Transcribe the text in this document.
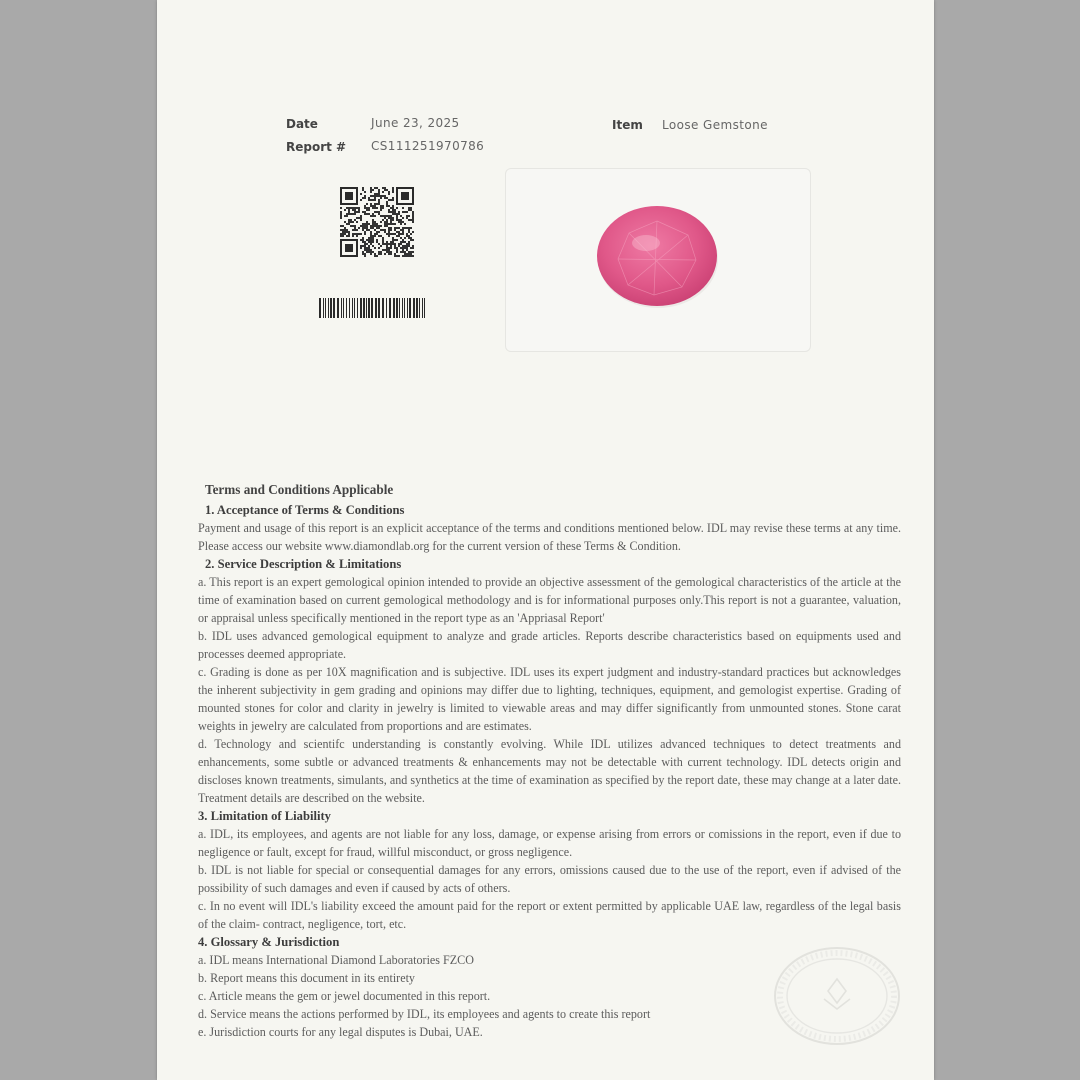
Date	June 23, 2025
Report # CS111251970786
Item Loose Gemstone

Terms and Conditions Applicable

1. Acceptance of Terms & Conditions

Payment and usage of this report is an explicit acceptance of the terms and conditions mentioned below. IDL may revise these terms at any time. Please access our website www.diamondlab.org for the current version of these Terms & Condition.

2. Service Description & Limitations

a. This report is an expert gemological opinion intended to provide an objective assessment of the gemological characteristics of the article at the time of examination based on current gemological methodology and is for informational purposes only.This report is not a guarantee, valuation, or appraisal unless specifically mentioned in the report type as an 'Appriasal Report'

b. IDL uses advanced gemological equipment to analyze and grade articles. Reports describe characteristics based on equipments used and processes deemed appropriate.

c. Grading is done as per 10X magnification and is subjective. IDL uses its expert judgment and industry-standard practices but acknowledges the inherent subjectivity in gem grading and opinions may differ due to lighting, techniques, equipment, and gemologist expertise. Grading of mounted stones for color and clarity in jewelry is limited to viewable areas and may differ significantly from unmounted stones. Stone carat weights in jewelry are calculated from proportions and are estimates.

d. Technology and scientifc understanding is constantly evolving. While IDL utilizes advanced techniques to detect treatments and enhancements, some subtle or advanced treatments & enhancements may not be detectable with current technology. IDL detects origin and discloses known treatments, simulants, and synthetics at the time of examination as specified by the report date, these may change at a later date. Treatment details are described on the website.

3. Limitation of Liability

a. IDL, its employees, and agents are not liable for any loss, damage, or expense arising from errors or comissions in the report, even if due to negligence or fault, except for fraud, willful misconduct, or gross negligence.

b. IDL is not liable for special or consequential damages for any errors, omissions caused due to the use of the report, even if advised of the possibility of such damages and even if caused by acts of others.

c. In no event will IDL's liability exceed the amount paid for the report or extent permitted by applicable UAE law, regardless of the legal basis of the claim- contract, negligence, tort, etc.

4. Glossary & Jurisdiction

a. IDL means International Diamond Laboratories FZCO

b. Report means this document in its entirety

c. Article means the gem or jewel documented in this report.

d. Service means the actions performed by IDL, its employees and agents to create this report

e. Jurisdiction courts for any legal disputes is Dubai, UAE.
